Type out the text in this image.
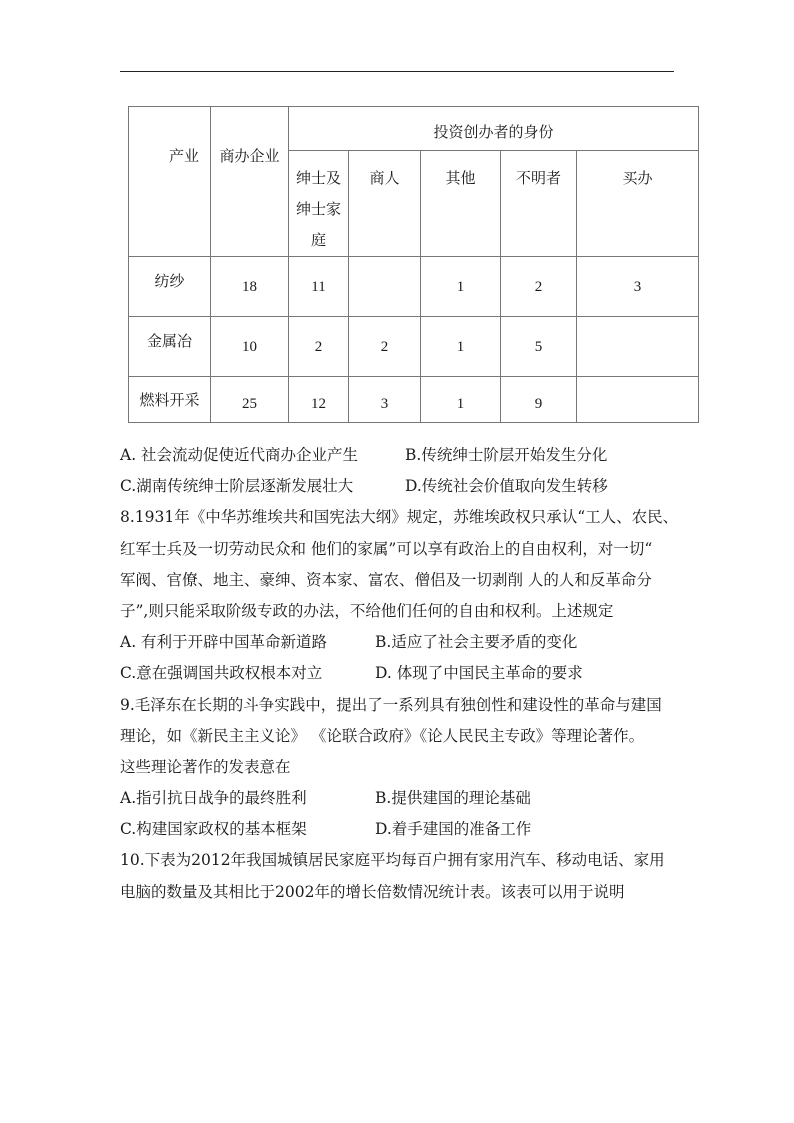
产业	商办企业	投资创办者的身份				

		绅士及绅士家庭	商人	其他	不明者	买办

纺纱	18	11		1	2	3

金属冶	10	2	2	1	5	

燃料开采	25	12	3	1	9	

A. 社会流动促使近代商办企业产生	B.传统绅士阶层开始发生分化
C.湖南传统绅士阶层逐渐发展壮大	D.传统社会价值取向发生转移
8.1931年《中华苏维埃共和国宪法大纲》规定，苏维埃政权只承认“工人、农民、
红军士兵及一切劳动民众和 他们的家属”可以享有政治上的自由权利，对一切“
军阀、官僚、地主、豪绅、资本家、富农、僧侣及一切剥削 人的人和反革命分
子”,则只能采取阶级专政的办法，不给他们任何的自由和权利。上述规定
A. 有利于开辟中国革命新道路	B.适应了社会主要矛盾的变化
C.意在强调国共政权根本对立	D. 体现了中国民主革命的要求
9.毛泽东在长期的斗争实践中，提出了一系列具有独创性和建设性的革命与建国
理论，如《新民主主义论》 《论联合政府》《论人民民主专政》等理论著作。
这些理论著作的发表意在
A.指引抗日战争的最终胜利	B.提供建国的理论基础
C.构建国家政权的基本框架	D.着手建国的准备工作
10.下表为2012年我国城镇居民家庭平均每百户拥有家用汽车、移动电话、家用
电脑的数量及其相比于2002年的增长倍数情况统计表。该表可以用于说明
